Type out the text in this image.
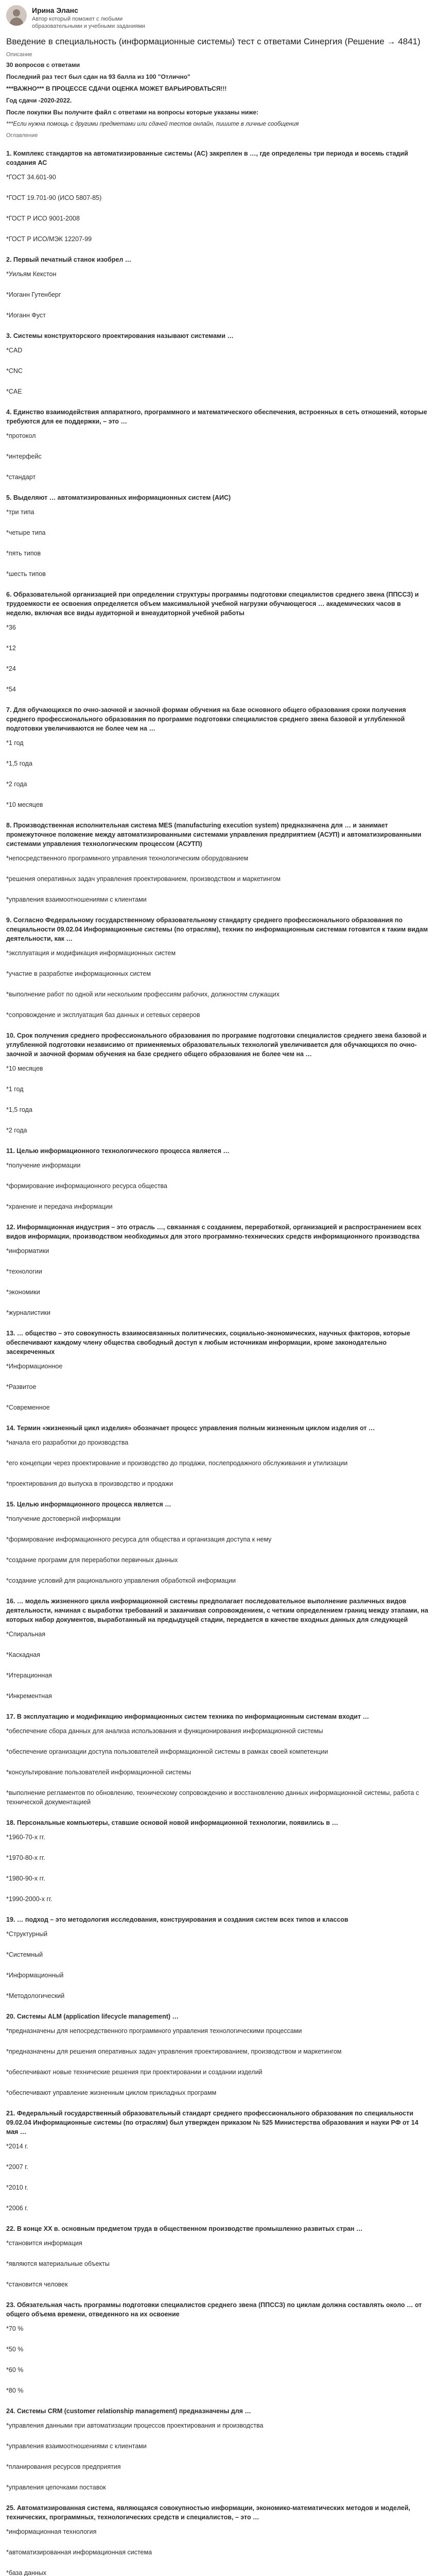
Ирина Эланс
Автор который поможет с любыми образовательными и учебными заданиями
Введение в специальность (информационные системы) тест с ответами Синергия (Решение → 4841)
Описание

30 вопросов с ответами

Последний раз тест был сдан на 93 балла из 100 "Отлично"

***ВАЖНО*** В ПРОЦЕССЕ СДАЧИ ОЦЕНКА МОЖЕТ ВАРЬИРОВАТЬСЯ!!!

Год сдачи -2020-2022.

После покупки Вы получите файл с ответами на вопросы которые указаны ниже:

***Если нужна помощь с другими предметами или сдачей тестов онлайн, пишите в личные сообщения

Оглавление

1. Комплекс стандартов на автоматизированные системы (АС) закреплен в …, где определены три периода и восемь стадий создания АС

*ГОСТ 34.601-90

*ГОСТ 19.701-90 (ИСО 5807-85)

*ГОСТ Р ИСО 9001-2008

*ГОСТ Р ИСО/МЭК 12207-99

2. Первый печатный станок изобрел …

*Уильям Кекстон

*Иоганн Гутенберг

*Иоганн Фуст

3. Системы конструкторского проектирования называют системами …

*CAD

*CNC

*CAE

4. Единство взаимодействия аппаратного, программного и математического обеспечения, встроенных в сеть отношений, которые требуются для ее поддержки, – это …

*протокол

*интерфейс

*стандарт

5. Выделяют … автоматизированных информационных систем (АИС)

*три типа

*четыре типа

*пять типов

*шесть типов

6. Образовательной организацией при определении структуры программы подготовки специалистов среднего звена (ППССЗ) и трудоемкости ее освоения определяется объем максимальной учебной нагрузки обучающегося … академических часов в неделю, включая все виды аудиторной и внеаудиторной учебной работы

*36

*12

*24

*54

7. Для обучающихся по очно-заочной и заочной формам обучения на базе основного общего образования сроки получения среднего профессионального образования по программе подготовки специалистов среднего звена базовой и углубленной подготовки увеличиваются не более чем на …

*1 год

*1,5 года

*2 года

*10 месяцев

8. Производственная исполнительная система MES (manufacturing execution system) предназначена для … и занимает промежуточное положение между автоматизированными системами управления предприятием (АСУП) и автоматизированными системами управления технологическим процессом (АСУТП)

*непосредственного программного управления технологическим оборудованием

*решения оперативных задач управления проектированием, производством и маркетингом

*управления взаимоотношениями с клиентами

9. Согласно Федеральному государственному образовательному стандарту среднего профессионального образования по специальности 09.02.04 Информационные системы (по отраслям), техник по информационным системам готовится к таким видам деятельности, как …

*эксплуатация и модификация информационных систем

*участие в разработке информационных систем

*выполнение работ по одной или нескольким профессиям рабочих, должностям служащих

*сопровождение и эксплуатация баз данных и сетевых серверов

10. Срок получения среднего профессионального образования по программе подготовки специалистов среднего звена базовой и углубленной подготовки независимо от применяемых образовательных технологий увеличивается для обучающихся по очно-заочной и заочной формам обучения на базе среднего общего образования не более чем на …

*10 месяцев

*1 год

*1,5 года

*2 года

11. Целью информационного технологического процесса является …

*получение информации

*формирование информационного ресурса общества

*хранение и передача информации

12. Информационная индустрия – это отрасль …, связанная с созданием, переработкой, организацией и распространением всех видов информации, производством необходимых для этого программно-технических средств информационного производства

*информатики

*технологии

*экономики

*журналистики

13. … общество – это совокупность взаимосвязанных политических, социально-экономических, научных факторов, которые обеспечивают каждому члену общества свободный доступ к любым источникам информации, кроме законодательно засекреченных

*Информационное

*Развитое

*Современное

14. Термин «жизненный цикл изделия» обозначает процесс управления полным жизненным циклом изделия от …

*начала его разработки до производства

*его концепции через проектирование и производство до продажи, послепродажного обслуживания и утилизации

*проектирования до выпуска в производство и продажи

15. Целью информационного процесса является …

*получение достоверной информации

*формирование информационного ресурса для общества и организация доступа к нему

*создание программ для переработки первичных данных

*создание условий для рационального управления обработкой информации

16. … модель жизненного цикла информационной системы предполагает последовательное выполнение различных видов деятельности, начиная с выработки требований и заканчивая сопровождением, с четким определением границ между этапами, на которых набор документов, выработанный на предыдущей стадии, передается в качестве входных данных для следующей

*Спиральная

*Каскадная

*Итерационная

*Инкрементная

17. В эксплуатацию и модификацию информационных систем техника по информационным системам входит …

*обеспечение сбора данных для анализа использования и функционирования информационной системы

*обеспечение организации доступа пользователей информационной системы в рамках своей компетенции

*консультирование пользователей информационной системы

*выполнение регламентов по обновлению, техническому сопровождению и восстановлению данных информационной системы, работа с технической документацией

18. Персональные компьютеры, ставшие основой новой информационной технологии, появились в …

*1960-70-х гг.

*1970-80-х гг.

*1980-90-х гг.

*1990-2000-х гг.

19. … подход – это методология исследования, конструирования и создания систем всех типов и классов

*Структурный

*Системный

*Информационный

*Методологический

20. Системы ALM (application lifecycle management) …

*предназначены для непосредственного программного управления технологическими процессами

*предназначены для решения оперативных задач управления проектированием, производством и маркетингом

*обеспечивают новые технические решения при проектировании и создании изделий

*обеспечивают управление жизненным циклом прикладных программ

21. Федеральный государственный образовательный стандарт среднего профессионального образования по специальности 09.02.04 Информационные системы (по отраслям) был утвержден приказом № 525 Министерства образования и науки РФ от 14 мая …

*2014 г.

*2007 г.

*2010 г.

*2006 г.

22. В конце XX в. основным предметом труда в общественном производстве промышленно развитых стран …

*становится информация

*являются материальные объекты

*становится человек

23. Обязательная часть программы подготовки специалистов среднего звена (ППССЗ) по циклам должна составлять около … от общего объема времени, отведенного на их освоение

*70 %

*50 %

*60 %

*80 %

24. Системы CRM (customer relationship management) предназначены для …

*управления данными при автоматизации процессов проектирования и производства

*управления взаимоотношениями с клиентами

*планирования ресурсов предприятия

*управления цепочками поставок

25. Автоматизированная система, являющаяся совокупностью информации, экономико-математических методов и моделей, технических, программных, технологических средств и специалистов, – это …

*информационная технология

*автоматизированная информационная система

*база данных
